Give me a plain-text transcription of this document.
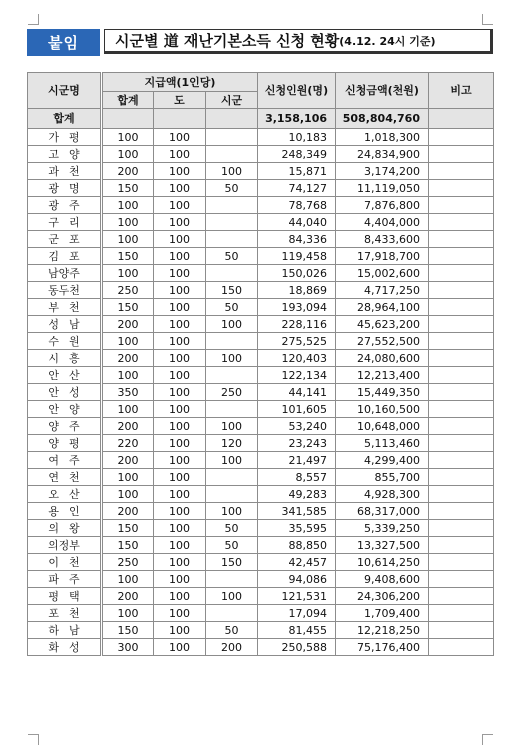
붙임	시군별 道 재난기본소득 신청 현황 (4.12. 24시 기준)
시군명	지급액(1인당)			신청인원(명)	신청금액(천원)	비고
	합계	도	시군			
합계				3,158,106	508,804,760	
가평	100	100		10,183	1,018,300	
고양	100	100		248,349	24,834,900	
과천	200	100	100	15,871	3,174,200	
광명	150	100	50	74,127	11,119,050	
광주	100	100		78,768	7,876,800	
구리	100	100		44,040	4,404,000	
군포	100	100		84,336	8,433,600	
김포	150	100	50	119,458	17,918,700	
남양주	100	100		150,026	15,002,600	
동두천	250	100	150	18,869	4,717,250	
부천	150	100	50	193,094	28,964,100	
성남	200	100	100	228,116	45,623,200	
수원	100	100		275,525	27,552,500	
시흥	200	100	100	120,403	24,080,600	
안산	100	100		122,134	12,213,400	
안성	350	100	250	44,141	15,449,350	
안양	100	100		101,605	10,160,500	
양주	200	100	100	53,240	10,648,000	
양평	220	100	120	23,243	5,113,460	
여주	200	100	100	21,497	4,299,400	
연천	100	100		8,557	855,700	
오산	100	100		49,283	4,928,300	
용인	200	100	100	341,585	68,317,000	
의왕	150	100	50	35,595	5,339,250	
의정부	150	100	50	88,850	13,327,500	
이천	250	100	150	42,457	10,614,250	
파주	100	100		94,086	9,408,600	
평택	200	100	100	121,531	24,306,200	
포천	100	100		17,094	1,709,400	
하남	150	100	50	81,455	12,218,250	
화성	300	100	200	250,588	75,176,400	
